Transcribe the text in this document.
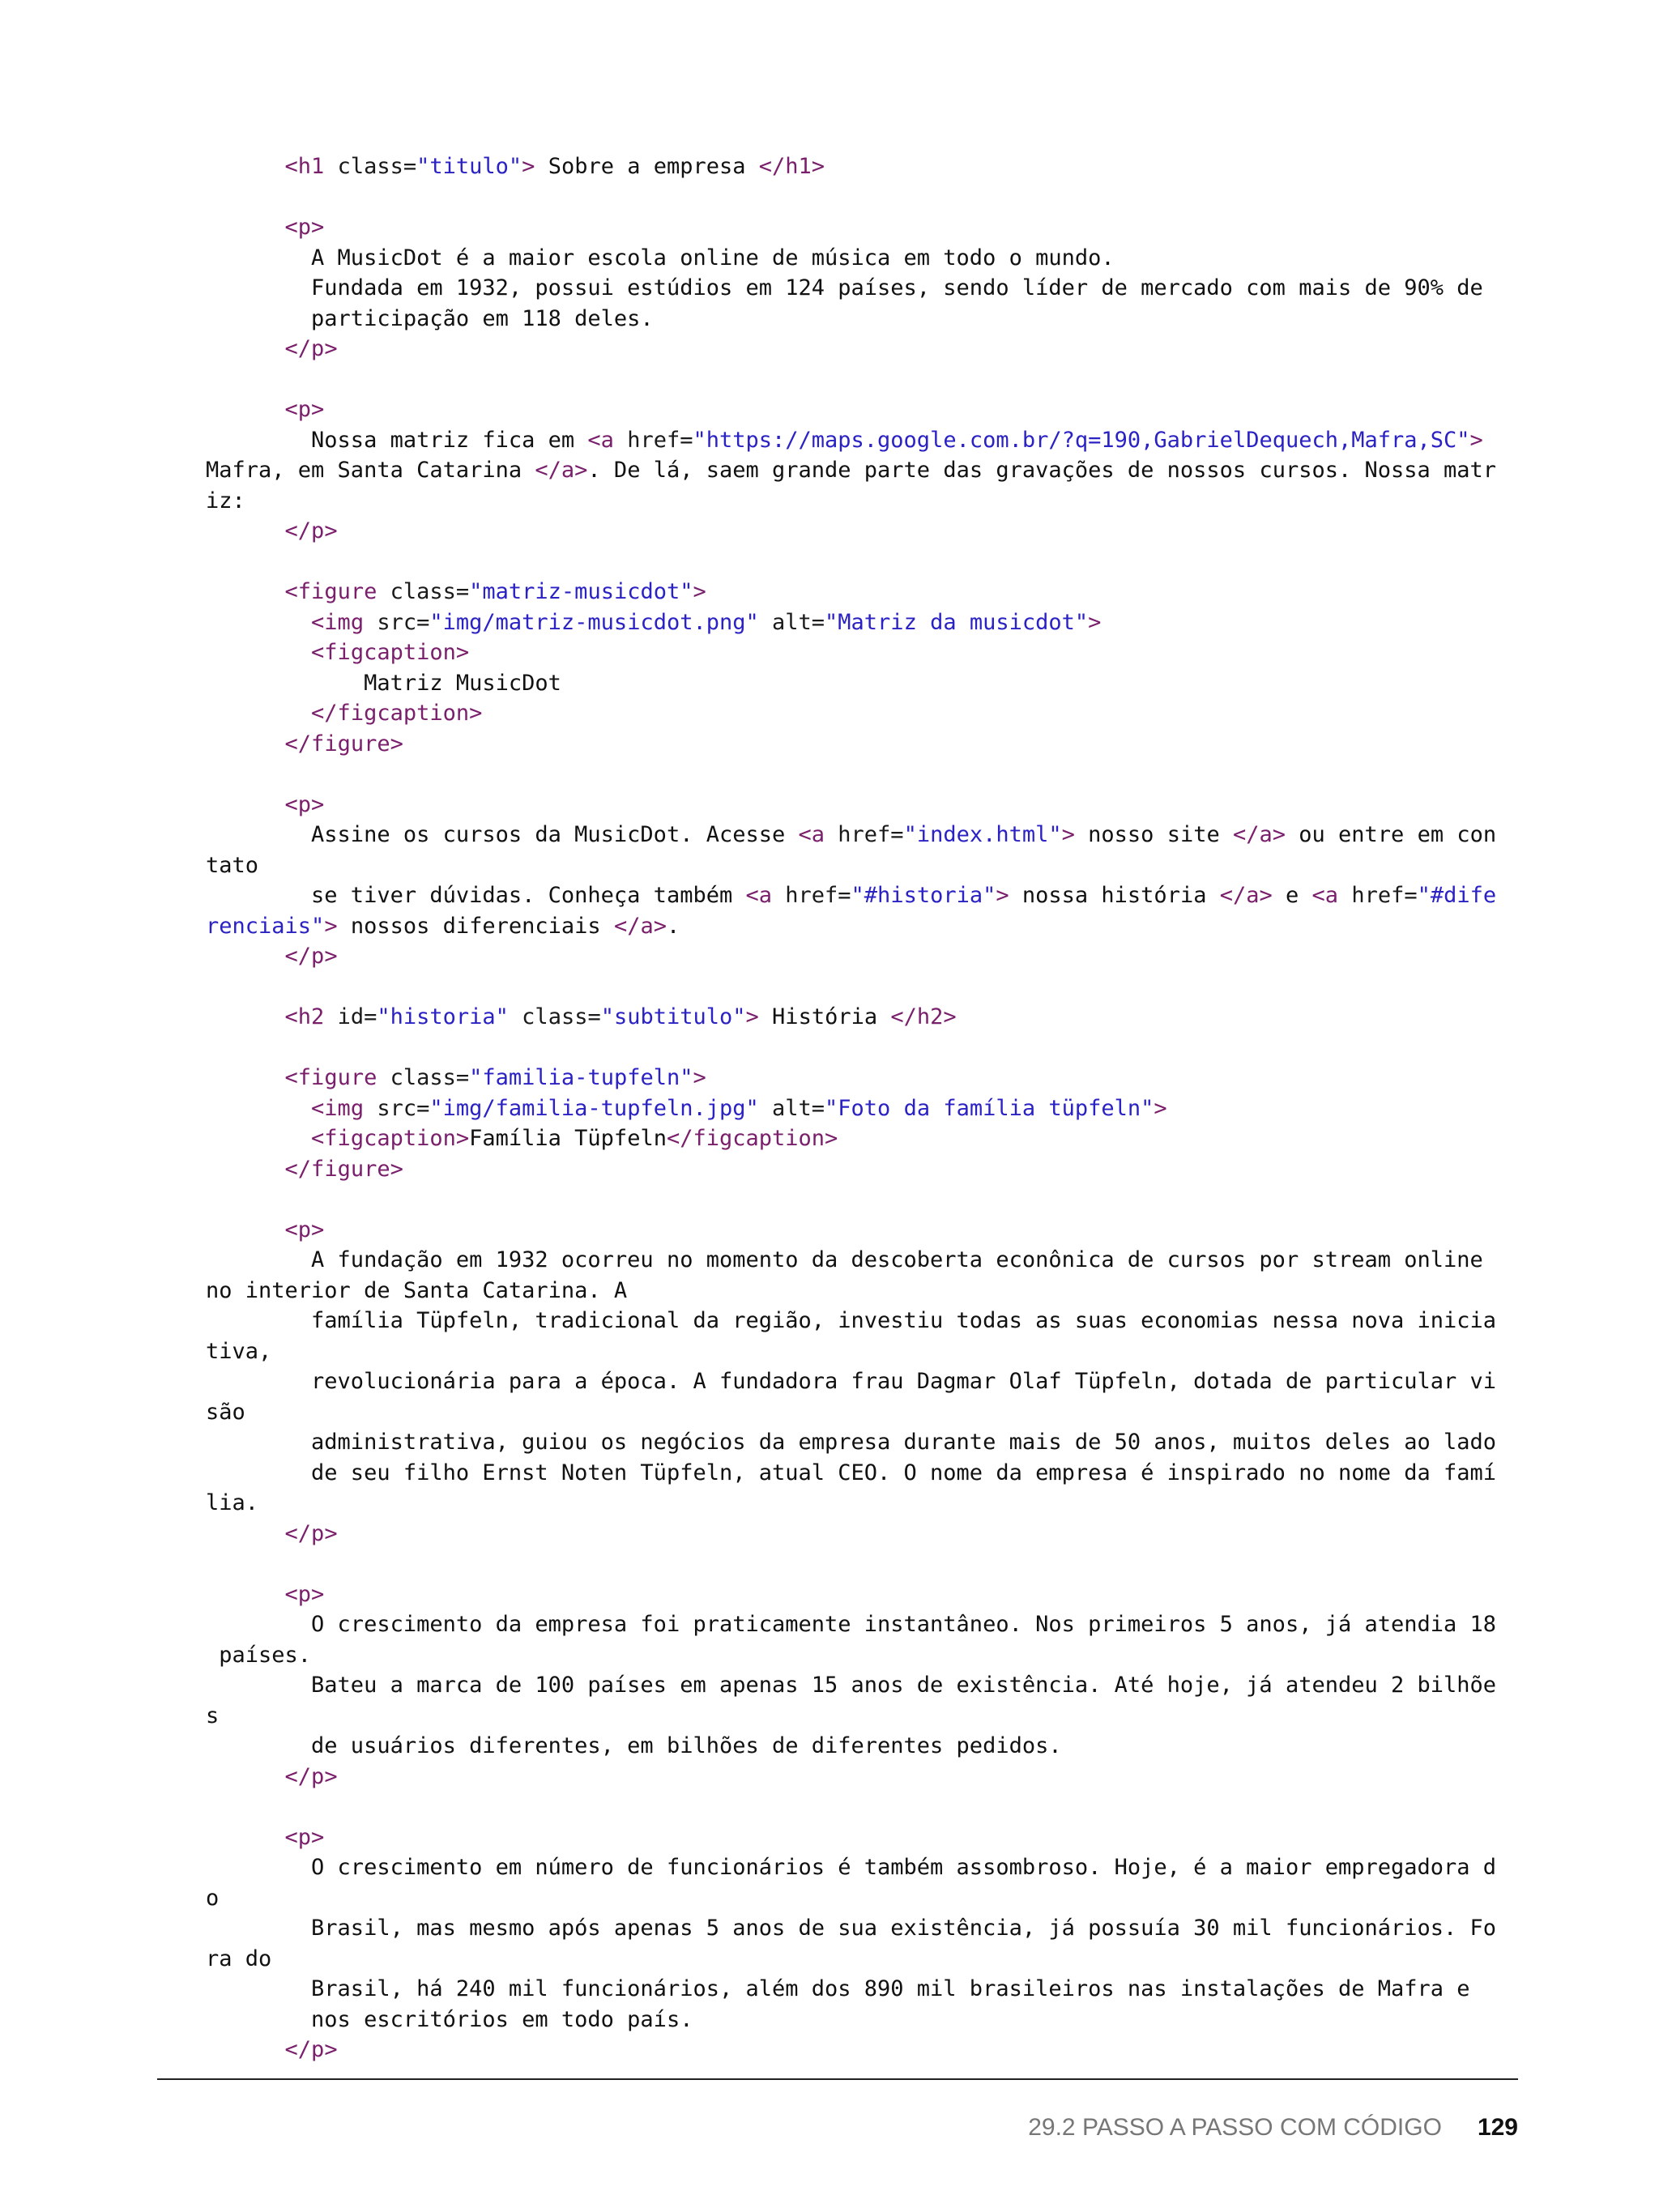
<h1 class="titulo"> Sobre a empresa </h1>
<p>
A MusicDot é a maior escola online de música em todo o mundo.
Fundada em 1932, possui estúdios em 124 países, sendo líder de mercado com mais de 90% de
participação em 118 deles.
</p>
<p>
Nossa matriz fica em <a href="https://maps.google.com.br/?q=190,GabrielDequech,Mafra,SC">
Mafra, em Santa Catarina </a>. De lá, saem grande parte das gravações de nossos cursos. Nossa matr
iz:
</p>
<figure class="matriz-musicdot">
<img src="img/matriz-musicdot.png" alt="Matriz da musicdot">
<figcaption>
Matriz MusicDot
</figcaption>
</figure>
<p>
Assine os cursos da MusicDot. Acesse <a href="index.html"> nosso site </a> ou entre em con
tato
se tiver dúvidas. Conheça também <a href="#historia"> nossa história </a> e <a href="#dife
renciais"> nossos diferenciais </a>.
</p>
<h2 id="historia" class="subtitulo"> História </h2>
<figure class="familia-tupfeln">
<img src="img/familia-tupfeln.jpg" alt="Foto da família tüpfeln">
<figcaption>Família Tüpfeln</figcaption>
</figure>
<p>
A fundação em 1932 ocorreu no momento da descoberta econônica de cursos por stream online
no interior de Santa Catarina. A
família Tüpfeln, tradicional da região, investiu todas as suas economias nessa nova inicia
tiva,
revolucionária para a época. A fundadora frau Dagmar Olaf Tüpfeln, dotada de particular vi
são
administrativa, guiou os negócios da empresa durante mais de 50 anos, muitos deles ao lado
de seu filho Ernst Noten Tüpfeln, atual CEO. O nome da empresa é inspirado no nome da famí
lia.
</p>
<p>
O crescimento da empresa foi praticamente instantâneo. Nos primeiros 5 anos, já atendia 18
países.
Bateu a marca de 100 países em apenas 15 anos de existência. Até hoje, já atendeu 2 bilhõe
s
de usuários diferentes, em bilhões de diferentes pedidos.
</p>
<p>
O crescimento em número de funcionários é também assombroso. Hoje, é a maior empregadora d
o
Brasil, mas mesmo após apenas 5 anos de sua existência, já possuía 30 mil funcionários. Fo
ra do
Brasil, há 240 mil funcionários, além dos 890 mil brasileiros nas instalações de Mafra e
nos escritórios em todo país.
</p>
29.2 PASSO A PASSO COM CÓDIGO 129
